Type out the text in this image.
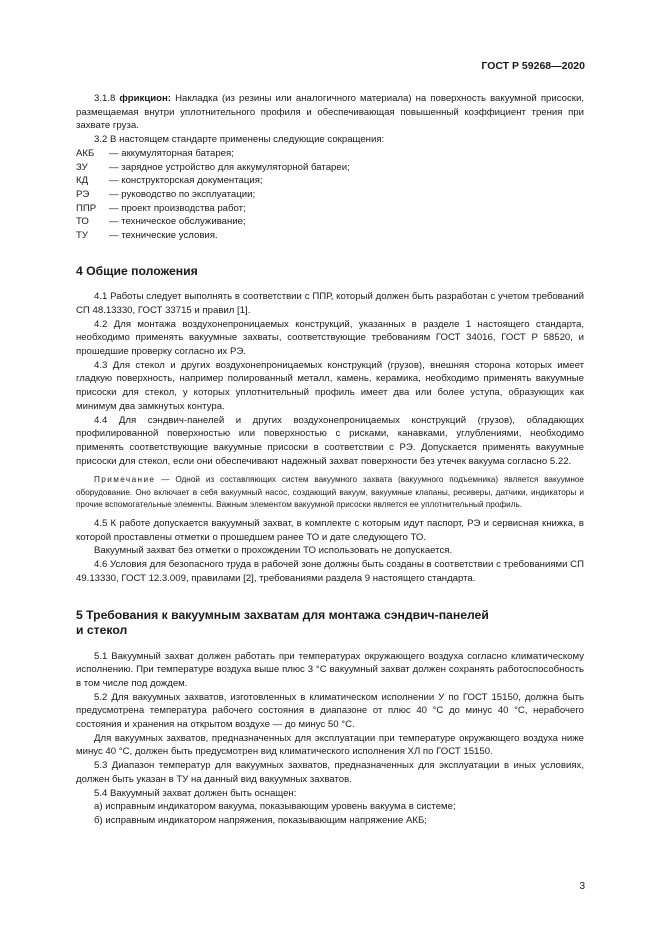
ГОСТ Р 59268—2020

3.1.8 фрикцион: Накладка (из резины или аналогичного материала) на поверхность вакуумной присоски, размещаемая внутри уплотнительного профиля и обеспечивающая повышенный коэффициент трения при захвате груза.

3.2 В настоящем стандарте применены следующие сокращения:

АКБ	— аккумуляторная батарея;
ЗУ	— зарядное устройство для аккумуляторной батареи;
КД	— конструкторская документация;
РЭ	— руководство по эксплуатации;
ППР	— проект производства работ;
ТО	— техническое обслуживание;
ТУ	— технические условия.
4 Общие положения

4.1 Работы следует выполнять в соответствии с ППР, который должен быть разработан с учетом требований СП 48.13330, ГОСТ 33715 и правил [1].

4.2 Для монтажа воздухонепроницаемых конструкций, указанных в разделе 1 настоящего стандарта, необходимо применять вакуумные захваты, соответствующие требованиям ГОСТ 34016, ГОСТ Р 58520, и прошедшие проверку согласно их РЭ.

4.3 Для стекол и других воздухонепроницаемых конструкций (грузов), внешняя сторона которых имеет гладкую поверхность, например полированный металл, камень, керамика, необходимо применять вакуумные присоски для стекол, у которых уплотнительный профиль имеет два или более уступа, образующих как минимум два замкнутых контура.

4.4 Для сэндвич-панелей и других воздухонепроницаемых конструкций (грузов), обладающих профилированной поверхностью или поверхностью с рисками, канавками, углублениями, необходимо применять соответствующие вакуумные присоски в соответствии с РЭ. Допускается применять вакуумные присоски для стекол, если они обеспечивают надежный захват поверхности без утечек вакуума согласно 5.22.

Примечание — Одной из составляющих систем вакуумного захвата (вакуумного подъемника) является вакуумное оборудование. Оно включает в себя вакуумный насос, создающий вакуум, вакуумные клапаны, ресиверы, датчики, индикаторы и прочие вспомогательные элементы. Важным элементом вакуумной присоски является ее уплотнительный профиль.

4.5 К работе допускается вакуумный захват, в комплекте с которым идут паспорт, РЭ и сервисная книжка, в которой проставлены отметки о прошедшем ранее ТО и дате следующего ТО.

Вакуумный захват без отметки о прохождении ТО использовать не допускается.

4.6 Условия для безопасного труда в рабочей зоне должны быть созданы в соответствии с требованиями СП 49.13330, ГОСТ 12.3.009, правилами [2], требованиями раздела 9 настоящего стандарта.

5 Требования к вакуумным захватам для монтажа сэндвич-панелей
и стекол

5.1 Вакуумный захват должен работать при температурах окружающего воздуха согласно климатическому исполнению. При температуре воздуха выше плюс 3 °С вакуумный захват должен сохранять работоспособность в том числе под дождем.

5.2 Для вакуумных захватов, изготовленных в климатическом исполнении У по ГОСТ 15150, должна быть предусмотрена температура рабочего состояния в диапазоне от плюс 40 °С до минус 40 °С, нерабочего состояния и хранения на открытом воздухе — до минус 50 °С.

Для вакуумных захватов, предназначенных для эксплуатации при температуре окружающего воздуха ниже минус 40 °С, должен быть предусмотрен вид климатического исполнения ХЛ по ГОСТ 15150.

5.3 Диапазон температур для вакуумных захватов, предназначенных для эксплуатации в иных условиях, должен быть указан в ТУ на данный вид вакуумных захватов.

5.4 Вакуумный захват должен быть оснащен:

а) исправным индикатором вакуума, показывающим уровень вакуума в системе;

б) исправным индикатором напряжения, показывающим напряжение АКБ;

3
